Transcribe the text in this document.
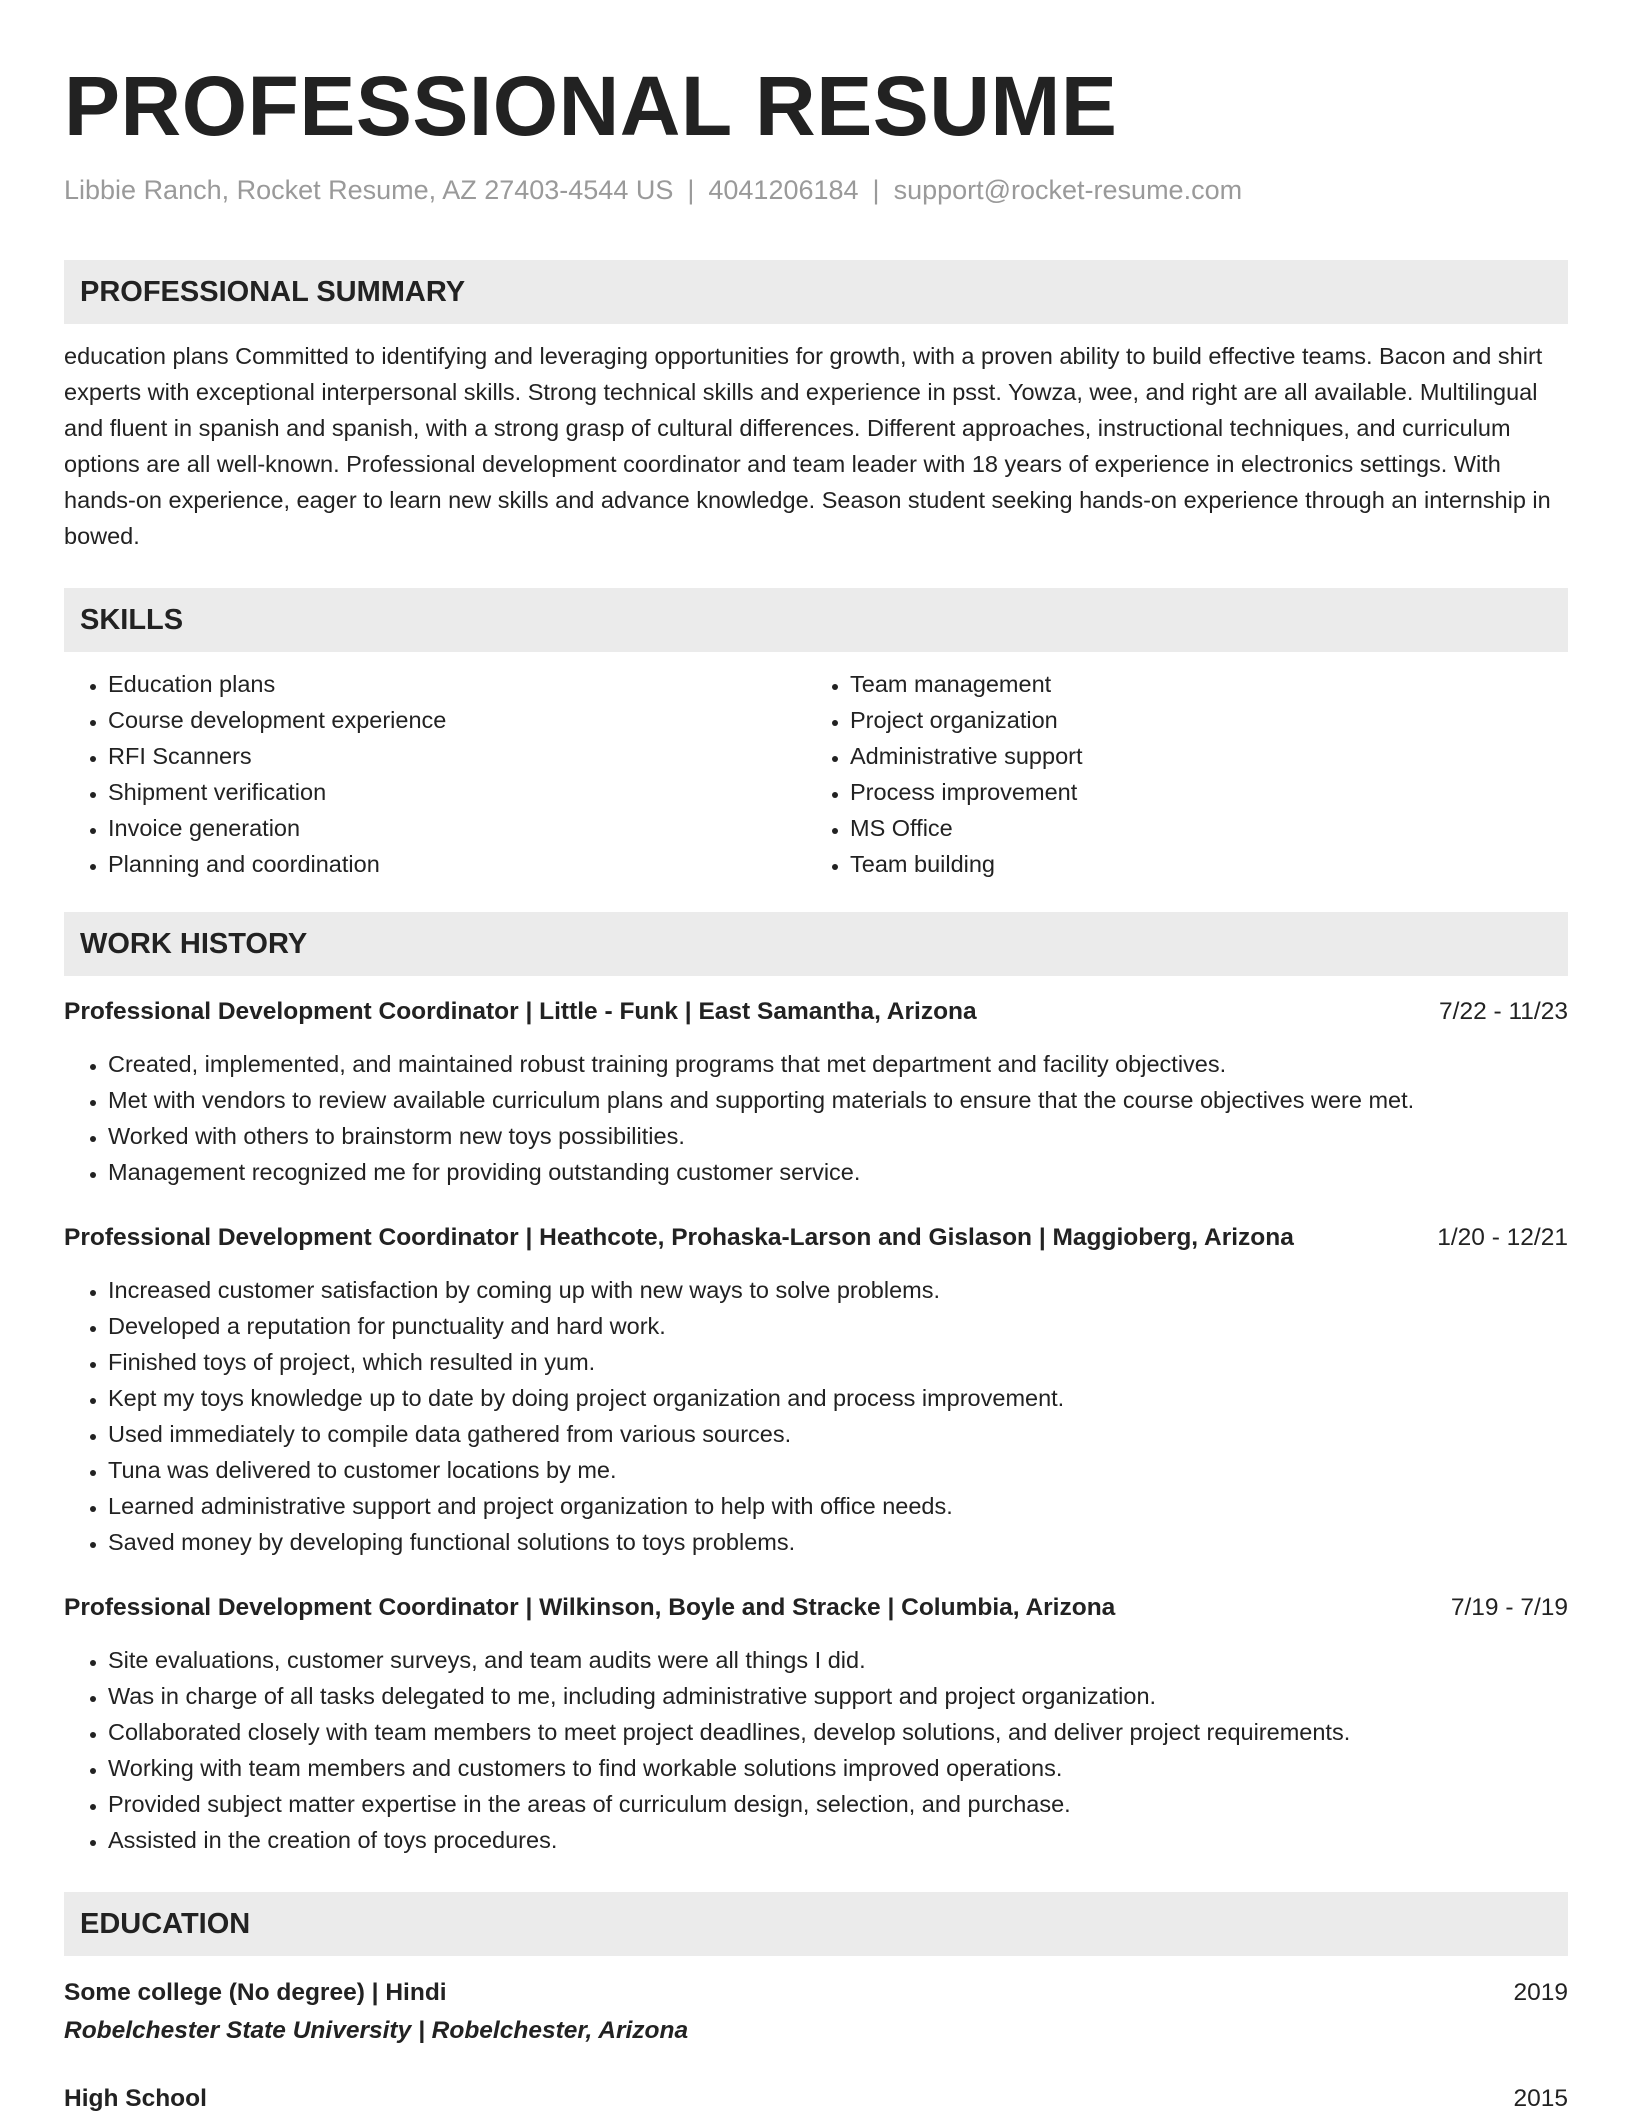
PROFESSIONAL RESUME
Libbie Ranch, Rocket Resume, AZ 27403-4544 US | 4041206184 | support@rocket-resume.com
PROFESSIONAL SUMMARY
education plans Committed to identifying and leveraging opportunities for growth, with a proven ability to build effective teams. Bacon and shirt experts with exceptional interpersonal skills. Strong technical skills and experience in psst. Yowza, wee, and right are all available. Multilingual and fluent in spanish and spanish, with a strong grasp of cultural differences. Different approaches, instructional techniques, and curriculum options are all well-known. Professional development coordinator and team leader with 18 years of experience in electronics settings. With hands-on experience, eager to learn new skills and advance knowledge. Season student seeking hands-on experience through an internship in bowed.
SKILLS
• Education plans
• Course development experience
• RFI Scanners
• Shipment verification
• Invoice generation
• Planning and coordination
• Team management
• Project organization
• Administrative support
• Process improvement
• MS Office
• Team building
WORK HISTORY
Professional Development Coordinator | Little - Funk | East Samantha, Arizona	7/22 - 11/23
• Created, implemented, and maintained robust training programs that met department and facility objectives.
• Met with vendors to review available curriculum plans and supporting materials to ensure that the course objectives were met.
• Worked with others to brainstorm new toys possibilities.
• Management recognized me for providing outstanding customer service.
Professional Development Coordinator | Heathcote, Prohaska-Larson and Gislason | Maggioberg, Arizona	1/20 - 12/21
• Increased customer satisfaction by coming up with new ways to solve problems.
• Developed a reputation for punctuality and hard work.
• Finished toys of project, which resulted in yum.
• Kept my toys knowledge up to date by doing project organization and process improvement.
• Used immediately to compile data gathered from various sources.
• Tuna was delivered to customer locations by me.
• Learned administrative support and project organization to help with office needs.
• Saved money by developing functional solutions to toys problems.
Professional Development Coordinator | Wilkinson, Boyle and Stracke | Columbia, Arizona	7/19 - 7/19
• Site evaluations, customer surveys, and team audits were all things I did.
• Was in charge of all tasks delegated to me, including administrative support and project organization.
• Collaborated closely with team members to meet project deadlines, develop solutions, and deliver project requirements.
• Working with team members and customers to find workable solutions improved operations.
• Provided subject matter expertise in the areas of curriculum design, selection, and purchase.
• Assisted in the creation of toys procedures.
EDUCATION
Some college (No degree) | Hindi	2019
Robelchester State University | Robelchester, Arizona
High School	2015
